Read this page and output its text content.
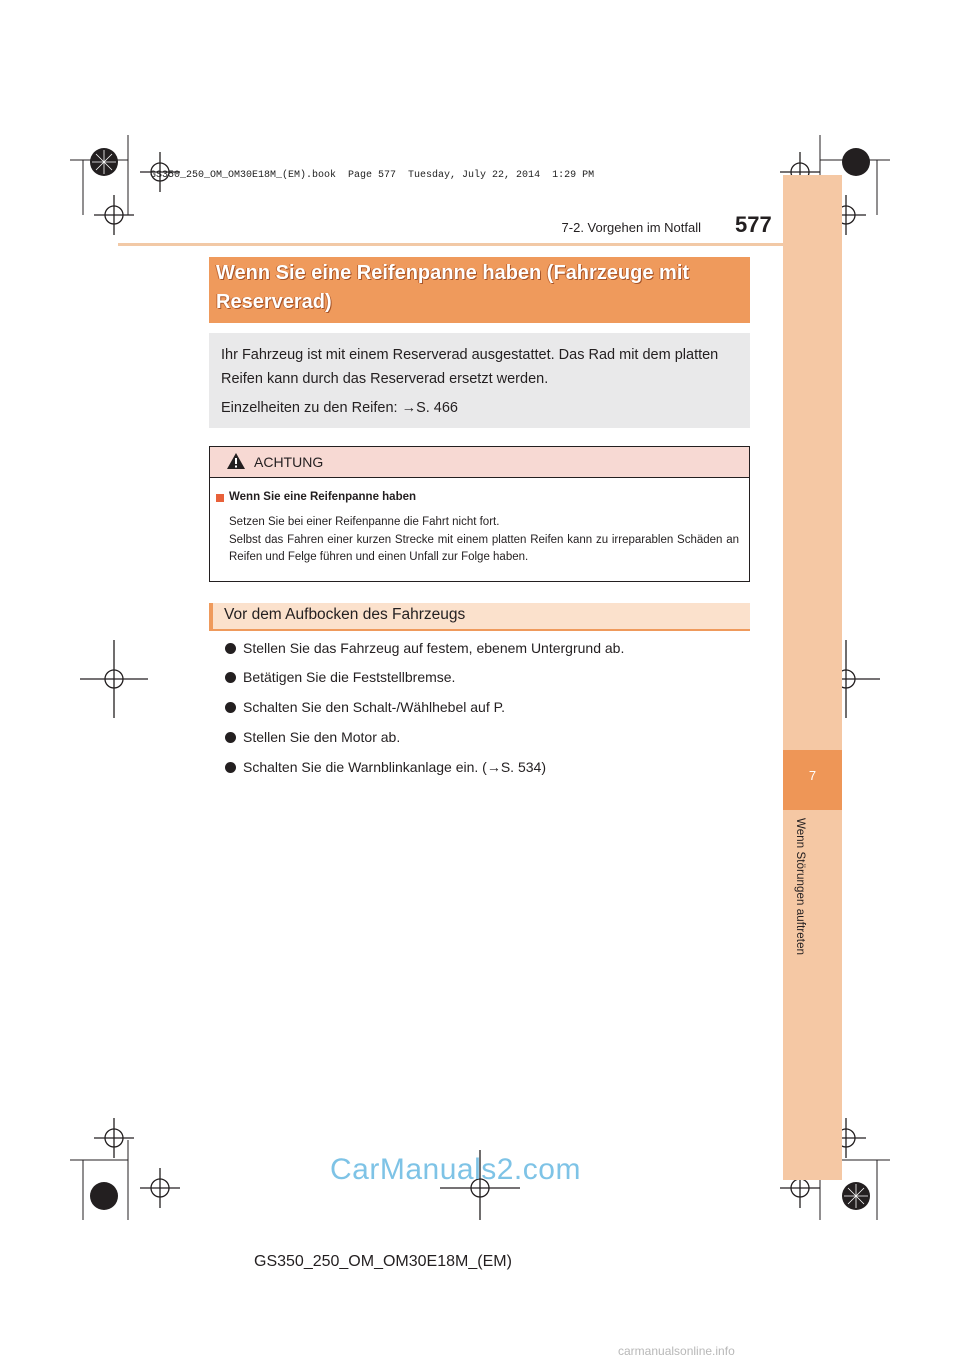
GS350_250_OM_OM30E18M_(EM).book  Page 577  Tuesday, July 22, 2014  1:29 PM
7
Wenn Störungen auftreten
7-2. Vorgehen im Notfall 577
Wenn Sie eine Reifenpanne haben (Fahrzeuge mit
Reserverad)
Ihr Fahrzeug ist mit einem Reserverad ausgestattet. Das Rad mit dem platten
Reifen kann durch das Reserverad ersetzt werden.
Einzelheiten zu den Reifen: →S. 466
ACHTUNG
Wenn Sie eine Reifenpanne haben
Setzen Sie bei einer Reifenpanne die Fahrt nicht fort.
Selbst das Fahren einer kurzen Strecke mit einem platten Reifen kann zu irreparablen Schäden an Reifen und Felge führen und einen Unfall zur Folge haben.
Vor dem Aufbocken des Fahrzeugs
Stellen Sie das Fahrzeug auf festem, ebenem Untergrund ab.
Betätigen Sie die Feststellbremse.
Schalten Sie den Schalt-/Wählhebel auf P.
Stellen Sie den Motor ab.
Schalten Sie die Warnblinkanlage ein. (→S. 534)
CarManuals2.com
GS350_250_OM_OM30E18M_(EM)
carmanualsonline.info
